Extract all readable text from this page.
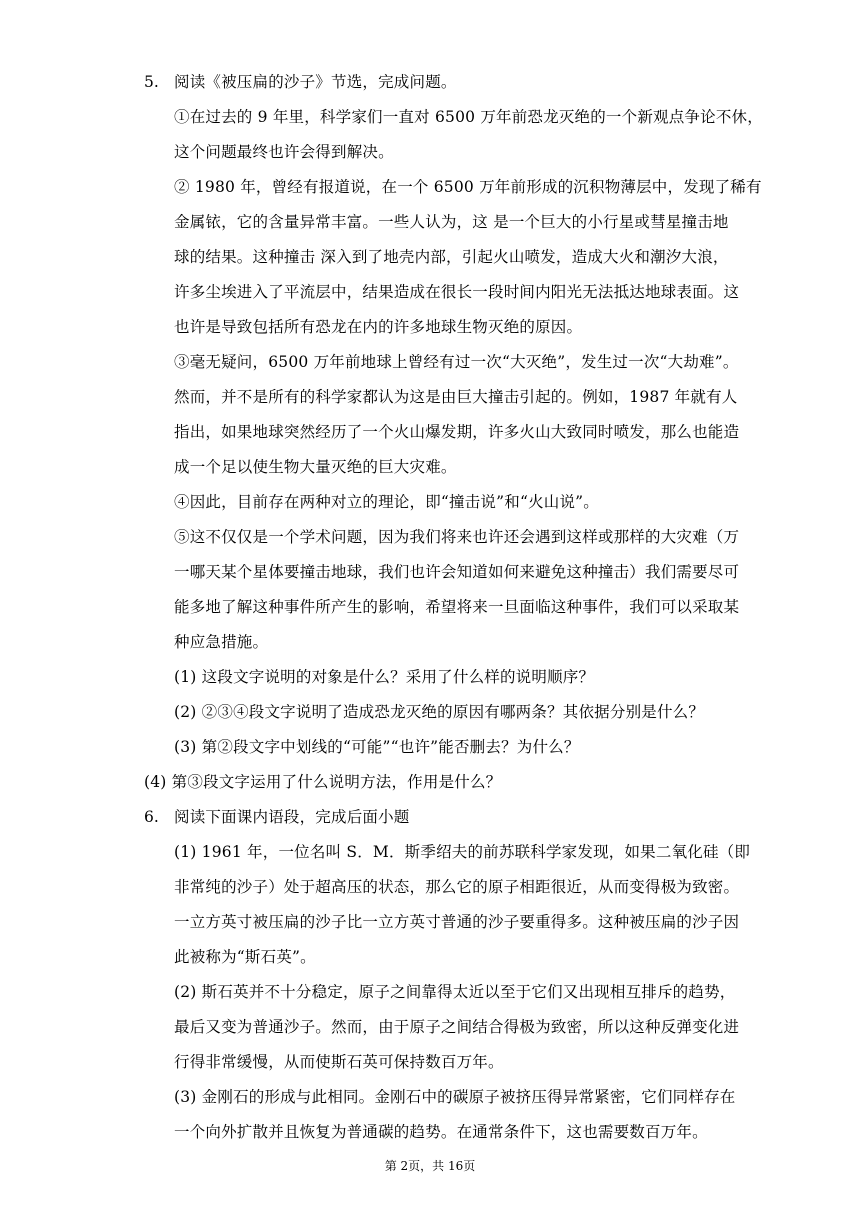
5. 阅读《被压扁的沙子》节选，完成问题。
①在过去的 9 年里，科学家们一直对 6500 万年前恐龙灭绝的一个新观点争论不休，
这个问题最终也许会得到解决。
② 1980 年，曾经有报道说，在一个 6500 万年前形成的沉积物薄层中，发现了稀有
金属铱，它的含量异常丰富。一些人认为，这 是一个巨大的小行星或彗星撞击地
球的结果。这种撞击 深入到了地壳内部，引起火山喷发，造成大火和潮汐大浪，
许多尘埃进入了平流层中，结果造成在很长一段时间内阳光无法抵达地球表面。这
也许是导致包括所有恐龙在内的许多地球生物灭绝的原因。
③毫无疑问，6500 万年前地球上曾经有过一次“大灭绝”，发生过一次“大劫难”。
然而，并不是所有的科学家都认为这是由巨大撞击引起的。例如，1987 年就有人
指出，如果地球突然经历了一个火山爆发期，许多火山大致同时喷发，那么也能造
成一个足以使生物大量灭绝的巨大灾难。
④因此，目前存在两种对立的理论，即“撞击说”和“火山说”。
⑤这不仅仅是一个学术问题，因为我们将来也许还会遇到这样或那样的大灾难（万
一哪天某个星体要撞击地球，我们也许会知道如何来避免这种撞击）我们需要尽可
能多地了解这种事件所产生的影响，希望将来一旦面临这种事件，我们可以采取某
种应急措施。
(1) 这段文字说明的对象是什么？采用了什么样的说明顺序？
(2) ②③④段文字说明了造成恐龙灭绝的原因有哪两条？其依据分别是什么？
(3) 第②段文字中划线的“可能”“也许”能否删去？为什么？
(4) 第③段文字运用了什么说明方法，作用是什么？
6. 阅读下面课内语段，完成后面小题
(1) 1961 年，一位名叫 S．M．斯季绍夫的前苏联科学家发现，如果二氧化硅（即
非常纯的沙子）处于超高压的状态，那么它的原子相距很近，从而变得极为致密。
一立方英寸被压扁的沙子比一立方英寸普通的沙子要重得多。这种被压扁的沙子因
此被称为“斯石英”。
(2) 斯石英并不十分稳定，原子之间靠得太近以至于它们又出现相互排斥的趋势，
最后又变为普通沙子。然而，由于原子之间结合得极为致密，所以这种反弹变化进
行得非常缓慢，从而使斯石英可保持数百万年。
(3) 金刚石的形成与此相同。金刚石中的碳原子被挤压得异常紧密，它们同样存在
一个向外扩散并且恢复为普通碳的趋势。在通常条件下，这也需要数百万年。
第 2页，共 16页
